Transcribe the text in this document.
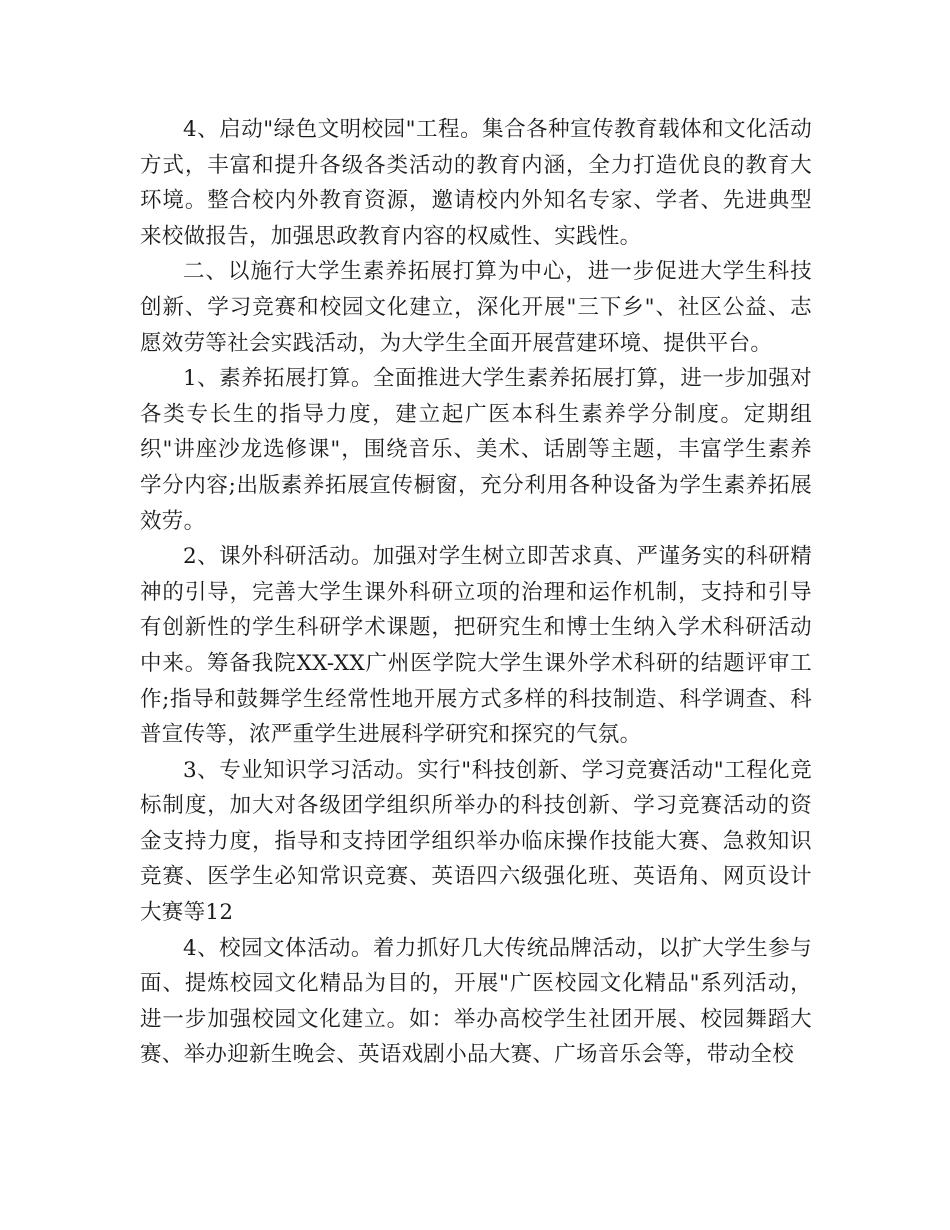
4、启动"绿色文明校园"工程。集合各种宣传教育载体和文化活动方式，丰富和提升各级各类活动的教育内涵，全力打造优良的教育大环境。整合校内外教育资源，邀请校内外知名专家、学者、先进典型来校做报告，加强思政教育内容的权威性、实践性。

二、以施行大学生素养拓展打算为中心，进一步促进大学生科技创新、学习竞赛和校园文化建立，深化开展"三下乡"、社区公益、志愿效劳等社会实践活动，为大学生全面开展营建环境、提供平台。

1、素养拓展打算。全面推进大学生素养拓展打算，进一步加强对各类专长生的指导力度，建立起广医本科生素养学分制度。定期组织"讲座沙龙选修课"，围绕音乐、美术、话剧等主题，丰富学生素养学分内容;出版素养拓展宣传橱窗，充分利用各种设备为学生素养拓展效劳。

2、课外科研活动。加强对学生树立即苦求真、严谨务实的科研精神的引导，完善大学生课外科研立项的治理和运作机制，支持和引导有创新性的学生科研学术课题，把研究生和博士生纳入学术科研活动中来。筹备我院XX-XX广州医学院大学生课外学术科研的结题评审工作;指导和鼓舞学生经常性地开展方式多样的科技制造、科学调查、科普宣传等，浓严重学生进展科学研究和探究的气氛。

3、专业知识学习活动。实行"科技创新、学习竞赛活动"工程化竞标制度，加大对各级团学组织所举办的科技创新、学习竞赛活动的资金支持力度，指导和支持团学组织举办临床操作技能大赛、急救知识竞赛、医学生必知常识竞赛、英语四六级强化班、英语角、网页设计大赛等12

4、校园文体活动。着力抓好几大传统品牌活动，以扩大学生参与面、提炼校园文化精品为目的，开展"广医校园文化精品"系列活动，进一步加强校园文化建立。如：举办高校学生社团开展、校园舞蹈大赛、举办迎新生晚会、英语戏剧小品大赛、广场音乐会等，带动全校
